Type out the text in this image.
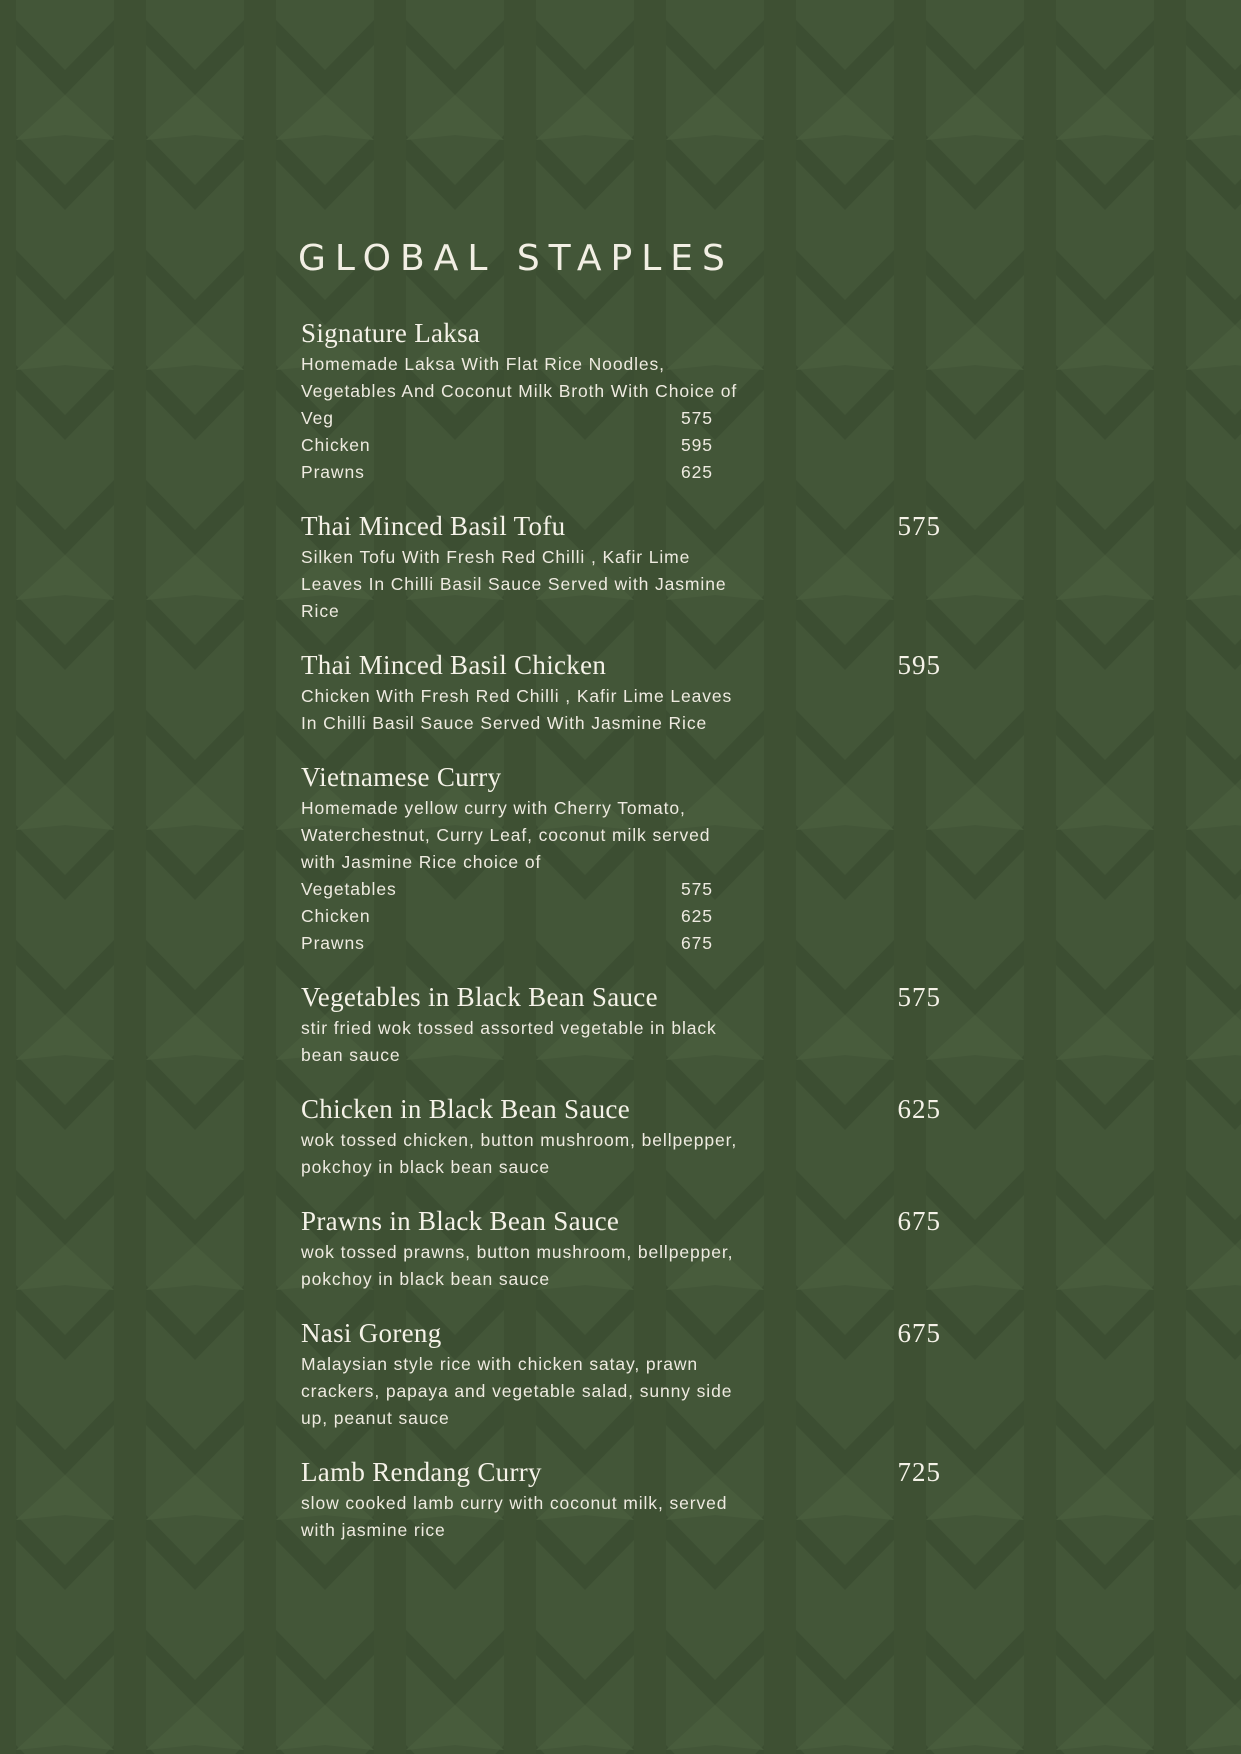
GLOBAL STAPLES
Signature Laksa
Homemade Laksa With Flat Rice Noodles,
Vegetables And Coconut Milk Broth With Choice of
Veg	575
Chicken	595
Prawns	625
Thai Minced Basil Tofu	575
Silken Tofu With Fresh Red Chilli , Kafir Lime
Leaves In Chilli Basil Sauce Served with Jasmine
Rice
Thai Minced Basil Chicken	595
Chicken With Fresh Red Chilli , Kafir Lime Leaves
In Chilli Basil Sauce Served With Jasmine Rice
Vietnamese Curry
Homemade yellow curry with Cherry Tomato,
Waterchestnut, Curry Leaf, coconut milk served
with Jasmine Rice choice of
Vegetables	575
Chicken	625
Prawns	675
Vegetables in Black Bean Sauce	575
stir fried wok tossed assorted vegetable in black
bean sauce
Chicken in Black Bean Sauce	625
wok tossed chicken, button mushroom, bellpepper,
pokchoy in black bean sauce
Prawns in Black Bean Sauce	675
wok tossed prawns, button mushroom, bellpepper,
pokchoy in black bean sauce
Nasi Goreng	675
Malaysian style rice with chicken satay, prawn
crackers, papaya and vegetable salad, sunny side
up, peanut sauce
Lamb Rendang Curry	725
slow cooked lamb curry with coconut milk, served
with jasmine rice
